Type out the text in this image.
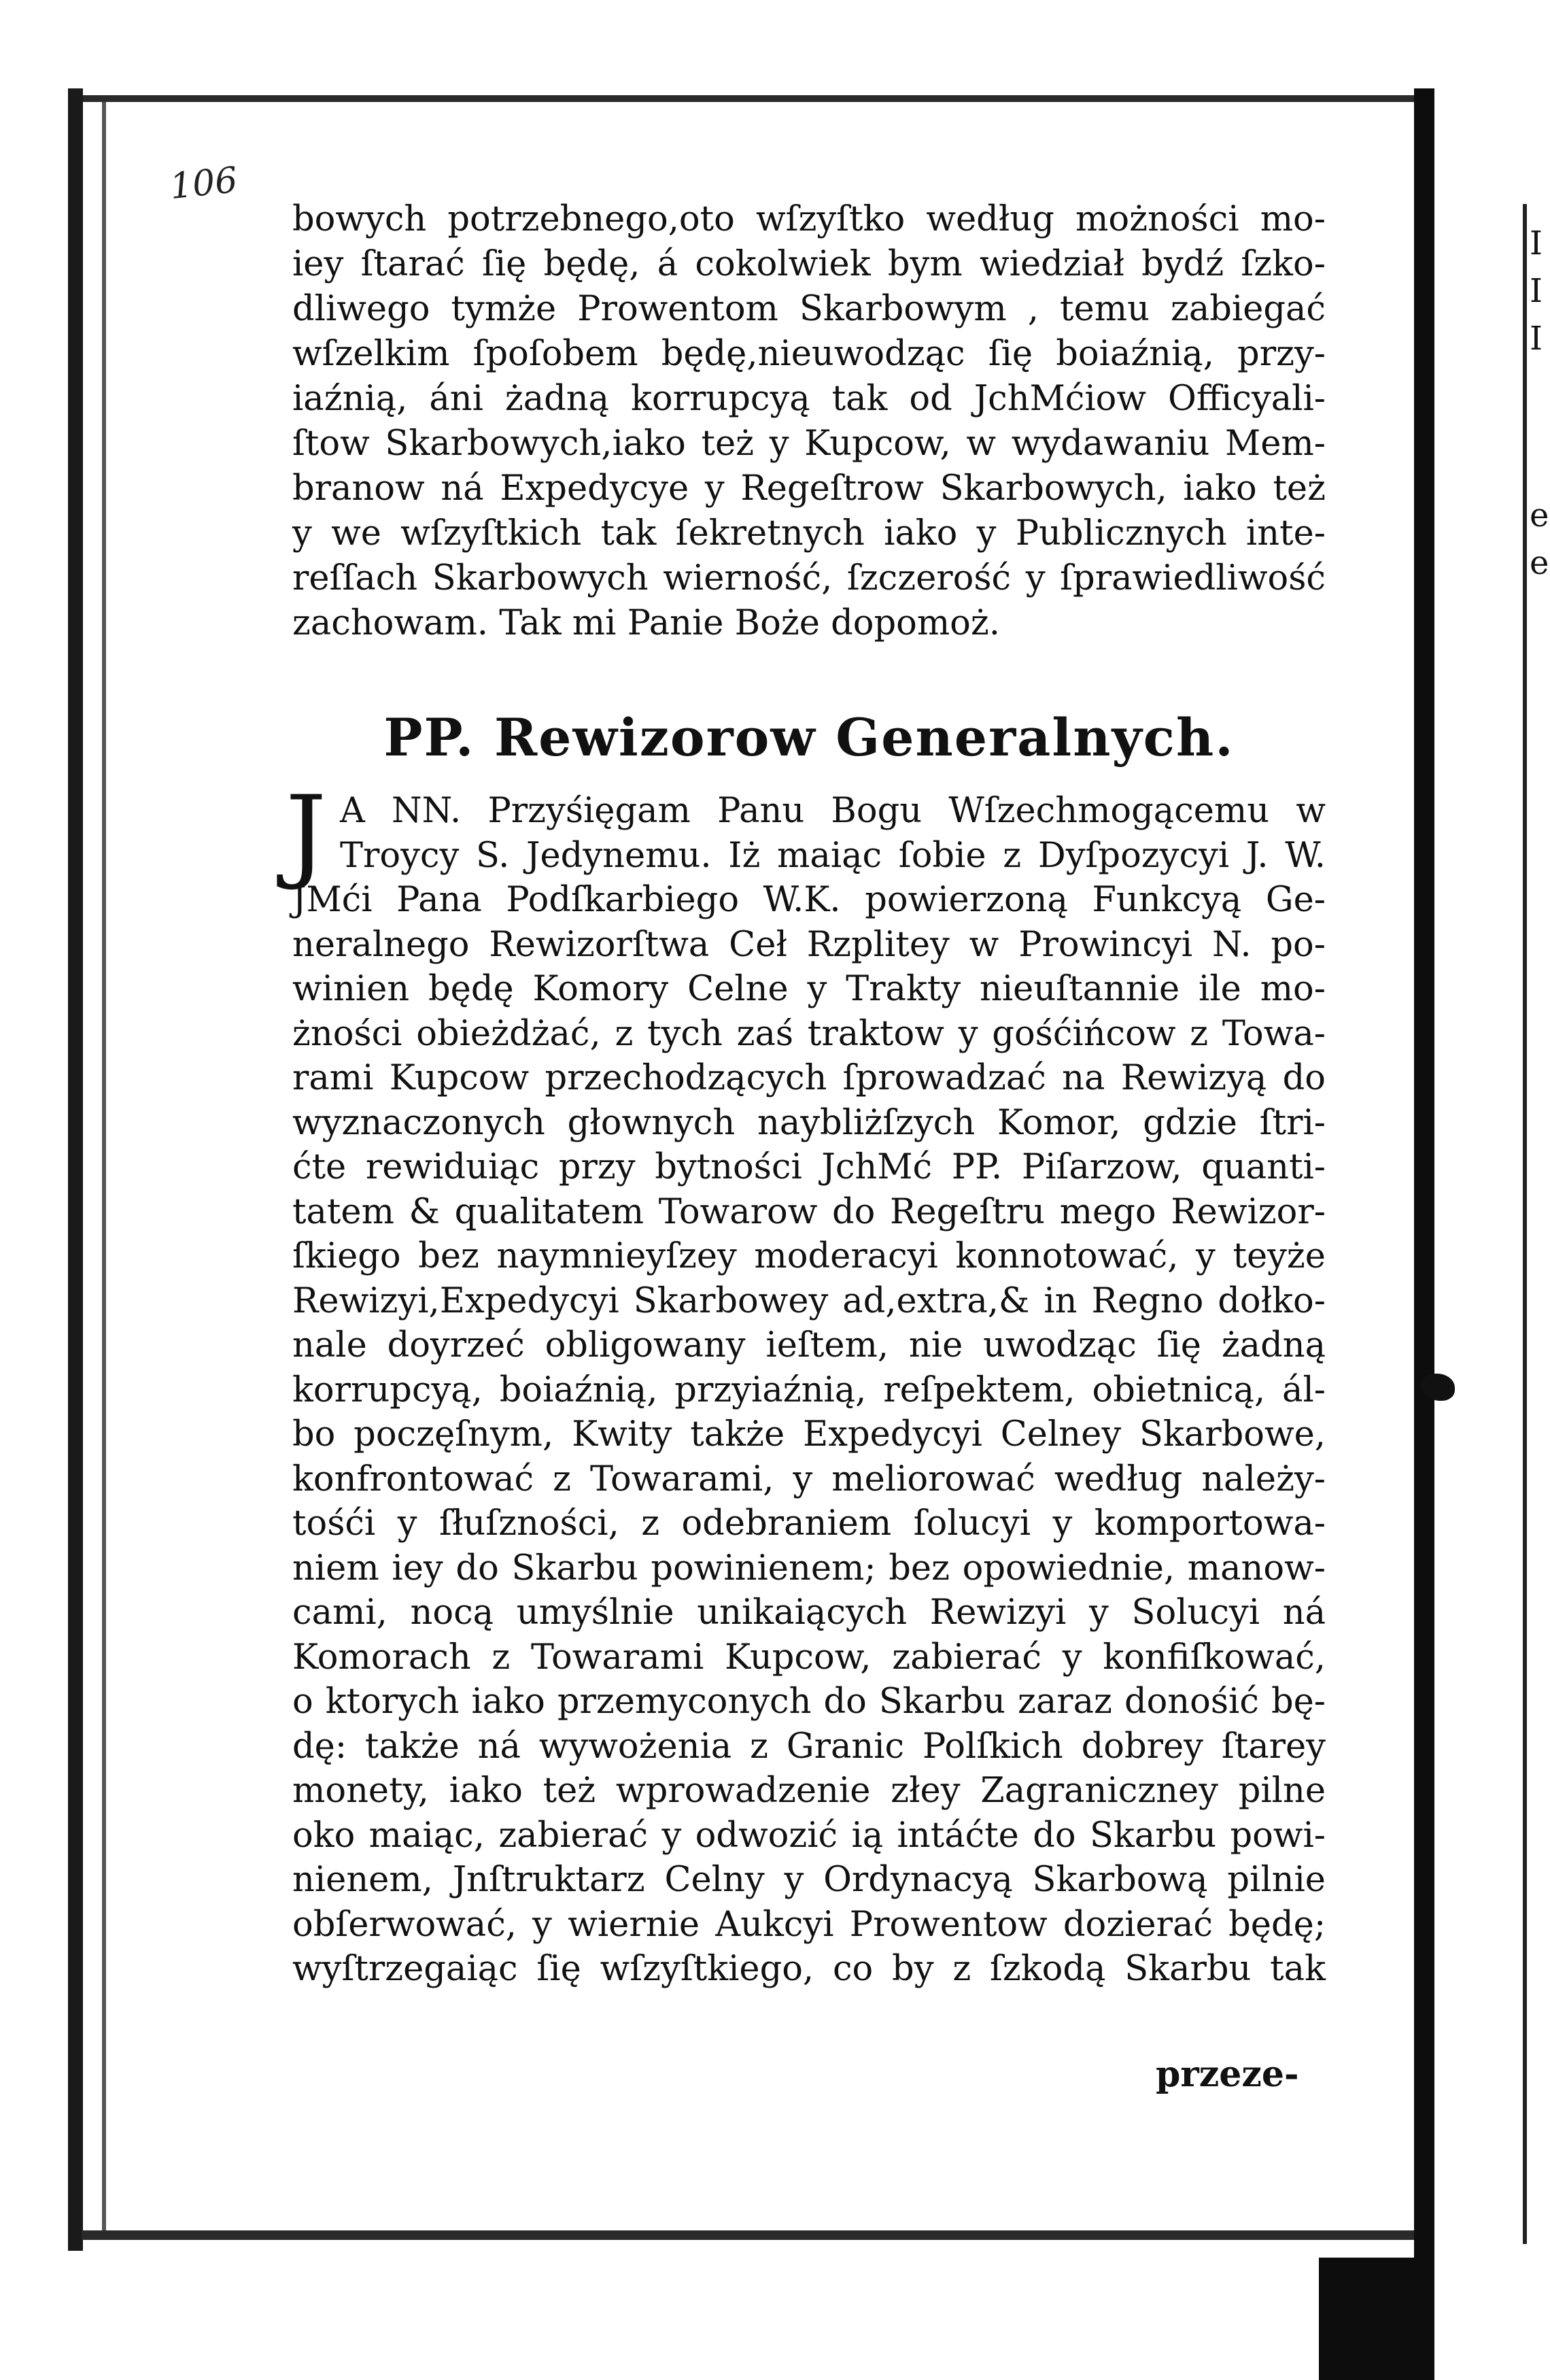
I
I
I
e
e
106
bowych potrzebnego,oto wſzyſtko według możności mo-
iey ſtarać ſię będę, á cokolwiek bym wiedział bydź ſzko-
dliwego tymże Prowentom Skarbowym , temu zabiegać
wſzelkim ſpoſobem będę,nieuwodząc ſię boiaźnią, przy-
iaźnią, áni żadną korrupcyą tak od JchMćiow Officyali-
ſtow Skarbowych,iako też y Kupcow, w wydawaniu Mem-
branow ná Expedycye y Regeſtrow Skarbowych, iako też
y we wſzyſtkich tak ſekretnych iako y Publicznych inte-
reſſach Skarbowych wierność, ſzczerość y ſprawiedliwość
zachowam. Tak mi Panie Boże dopomoż.
PP. Rewizorow Generalnych.
J A NN. Przyśięgam Panu Bogu Wſzechmogącemu w
Troycy S. Jedynemu. Iż maiąc ſobie z Dyſpozycyi J. W.
JMći Pana Podſkarbiego W.K. powierzoną Funkcyą Ge-
neralnego Rewizorſtwa Ceł Rzplitey w Prowincyi N. po-
winien będę Komory Celne y Trakty nieuſtannie ile mo-
żności obieżdżać, z tych zaś traktow y gośćińcow z Towa-
rami Kupcow przechodzących ſprowadzać na Rewizyą do
wyznaczonych głownych naybliżſzych Komor, gdzie ſtri-
ćte rewiduiąc przy bytności JchMć PP. Piſarzow, quanti-
tatem & qualitatem Towarow do Regeſtru mego Rewizor-
ſkiego bez naymnieyſzey moderacyi konnotować, y teyże
Rewizyi,Expedycyi Skarbowey ad,extra,& in Regno dołko-
nale doyrzeć obligowany ieſtem, nie uwodząc ſię żadną
korrupcyą, boiaźnią, przyiaźnią, reſpektem, obietnicą, ál-
bo poczęſnym, Kwity także Expedycyi Celney Skarbowe,
konfrontować z Towarami, y meliorować według należy-
tośći y ſłuſzności, z odebraniem ſolucyi y komportowa-
niem iey do Skarbu powinienem; bez opowiednie, manow-
cami, nocą umyślnie unikaiących Rewizyi y Solucyi ná
Komorach z Towarami Kupcow, zabierać y konfiſkować,
o ktorych iako przemyconych do Skarbu zaraz donośić bę-
dę: także ná wywożenia z Granic Polſkich dobrey ſtarey
monety, iako też wprowadzenie złey Zagraniczney pilne
oko maiąc, zabierać y odwozić ią intáćte do Skarbu powi-
nienem, Jnſtruktarz Celny y Ordynacyą Skarbową pilnie
obſerwować, y wiernie Aukcyi Prowentow dozierać będę;
wyſtrzegaiąc ſię wſzyſtkiego, co by z ſzkodą Skarbu tak
przeze-
